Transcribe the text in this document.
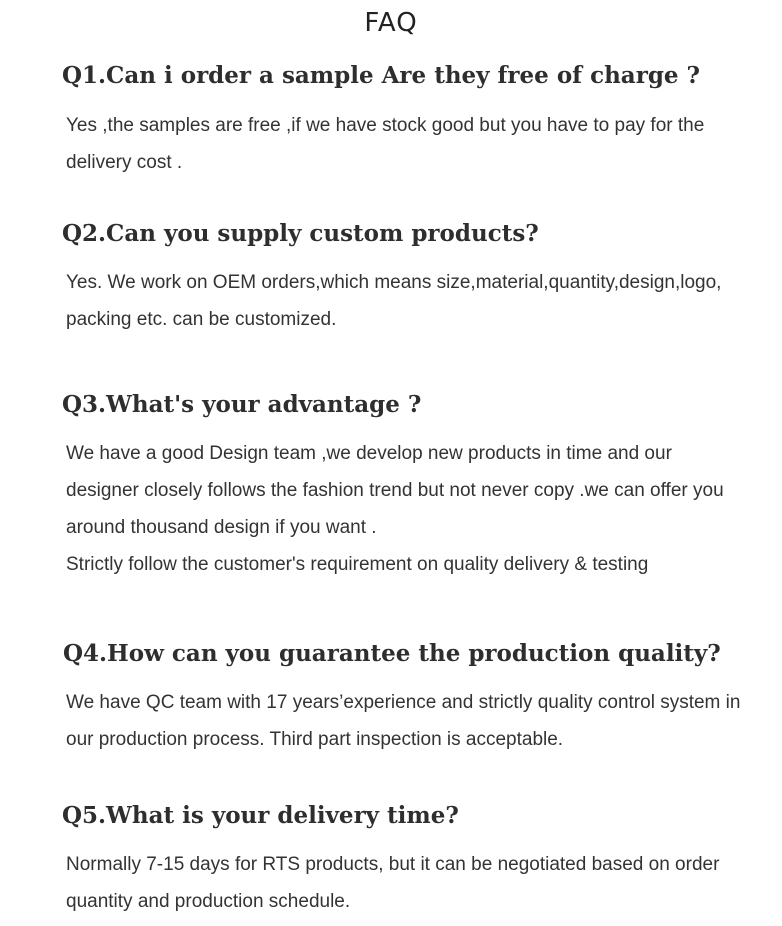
FAQ
Q1.Can i order a sample Are they free of charge ?

Yes ,the samples are free ,if we have stock good but you have to pay for the delivery cost .

Q2.Can you supply custom products?

Yes. We work on OEM orders,which means size,material,quantity,design,logo, packing etc. can be customized.

Q3.What's your advantage ?

We have a good Design team ,we develop new products in time and our designer closely follows the fashion trend but not never copy .we can offer you around thousand design if you want .

Strictly follow the customer's requirement on quality delivery & testing

Q4.How can you guarantee the production quality?

We have QC team with 17 years’experience and strictly quality control system in our production process. Third part inspection is acceptable.

Q5.What is your delivery time?

Normally 7-15 days for RTS products, but it can be negotiated based on order quantity and production schedule.
